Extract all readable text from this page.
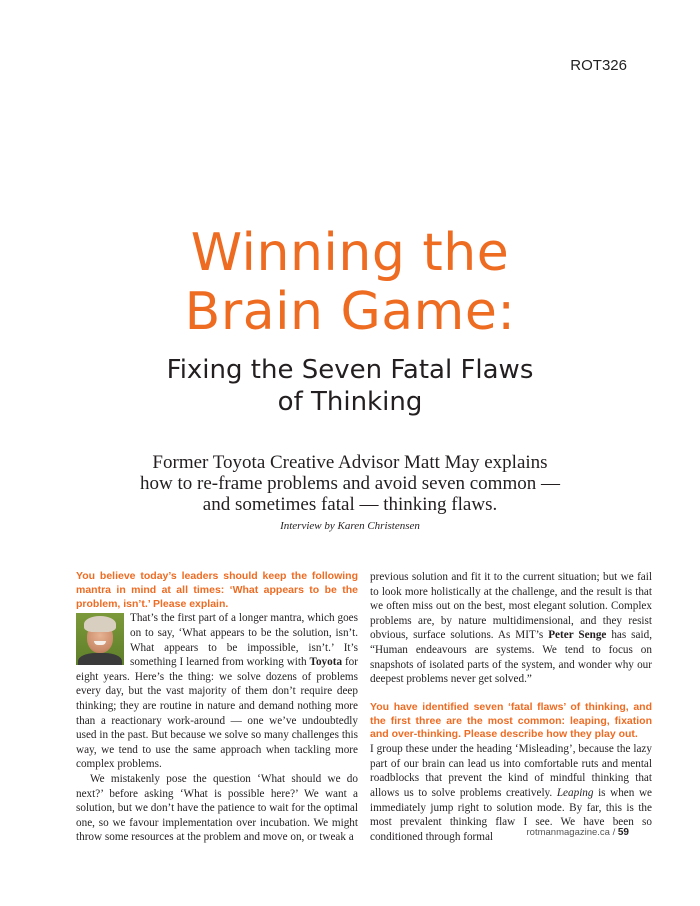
ROT326
Winning the
Brain Game:
Fixing the Seven Fatal Flaws
of Thinking

Former Toyota Creative Advisor Matt May explains
how to re-frame problems and avoid seven common —
and sometimes fatal — thinking flaws.

Interview by Karen Christensen

You believe today’s leaders should keep the following mantra in mind at all times: ‘What appears to be the problem, isn’t.’ Please explain.

That’s the first part of a longer mantra, which goes on to say, ‘What appears to be the solution, isn’t. What appears to be impossible, isn’t.’ It’s something I learned from working with Toyota for eight years. Here’s the thing: we solve dozens of problems every day, but the vast majority of them don’t require deep thinking; they are routine in nature and demand nothing more than a reactionary work-around — one we’ve undoubtedly used in the past. But because we solve so many challenges this way, we tend to use the same approach when tackling more complex problems.

We mistakenly pose the question ‘What should we do next?’ before asking ‘What is possible here?’ We want a solution, but we don’t have the patience to wait for the optimal one, so we favour implementation over incubation. We might throw some resources at the problem and move on, or tweak a

previous solution and fit it to the current situation; but we fail to look more holistically at the challenge, and the result is that we often miss out on the best, most elegant solution. Complex problems are, by nature multidimensional, and they resist obvious, surface solutions. As MIT’s Peter Senge has said, “Human endeavours are systems. We tend to focus on snapshots of isolated parts of the system, and wonder why our deepest problems never get solved.”

You have identified seven ‘fatal flaws’ of thinking, and the first three are the most common: leaping, fixation and over-thinking. Please describe how they play out.

I group these under the heading ‘Misleading’, because the lazy part of our brain can lead us into comfortable ruts and mental roadblocks that prevent the kind of mindful thinking that allows us to solve problems creatively. Leaping is when we immediately jump right to solution mode. By far, this is the most prevalent thinking flaw I see. We have been so conditioned through formal	rotmanmagazine.ca / 59
